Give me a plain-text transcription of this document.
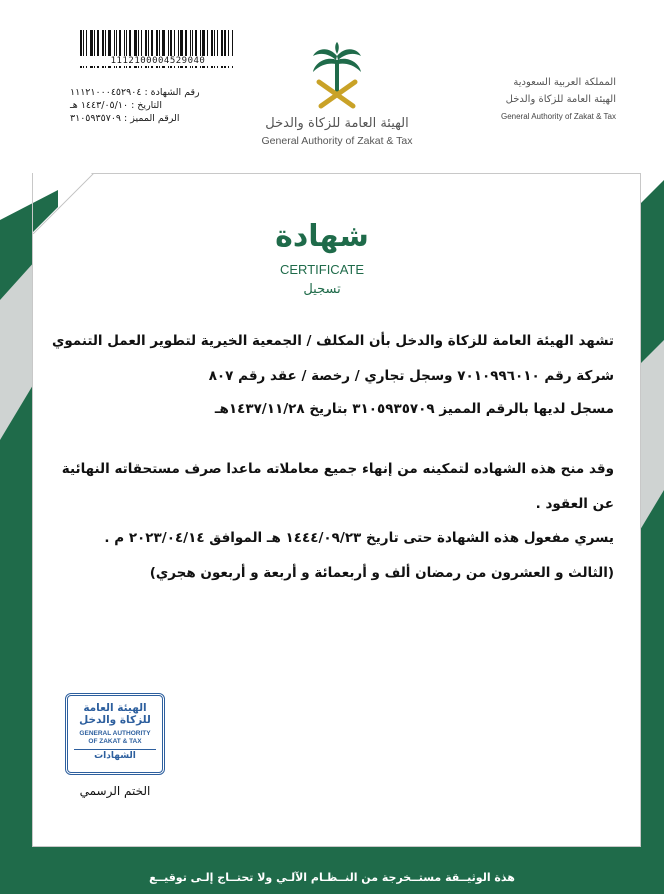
1112100004529040
رقم الشهادة : ١١١٢١٠٠٠٤٥٢٩٠٤
التاريخ : ١٤٤٣/٠٥/١٠ هـ
الرقم المميز : ٣١٠٥٩٣٥٧٠٩	الهيئة العامة للزكاة والدخل
General Authority of Zakat & Tax
المملكة العربية السعودية
الهيئة العامة للزكاة والدخل
General Authority of Zakat & Tax
شهادة
CERTIFICATE
تسجيل
تشهد الهيئة العامة للزكاة والدخل بأن المكلف / الجمعية الخيرية لتطوير العمل التنموي
شركة رقم ٧٠١٠٩٩٦٠١٠ وسجل تجاري / رخصة / عقد رقم ٨٠٧
مسجل لديها بالرقم المميز ٣١٠٥٩٣٥٧٠٩ بتاريخ ١٤٣٧/١١/٢٨هـ
وقد منح هذه الشهاده لتمكينه من إنهاء جميع معاملاته ماعدا صرف مستحقاته النهائية
عن العقود .
يسري مفعول هذه الشهادة حتى تاريخ ١٤٤٤/٠٩/٢٣ هـ الموافق ٢٠٢٣/٠٤/١٤ م .
(الثالث و العشرون من رمضان ألف و أربعمائة و أربعة و أربعون هجري)
الهيئة العامة
للزكاة والدخل
GENERAL AUTHORITY
OF ZAKAT & TAX
الشهادات
الختم الرسمي
هذة الوثيــقة مستــخرجة من النــظـام الآلـي ولا تحتــاج إلـى توقيــع
